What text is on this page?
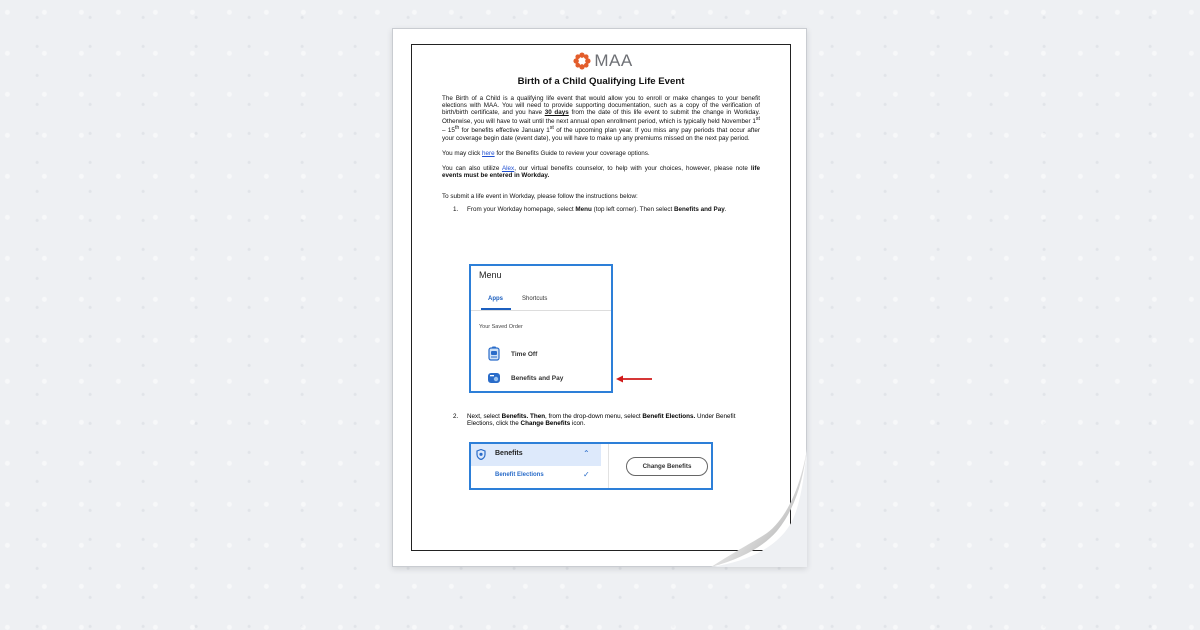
MAA
Birth of a Child Qualifying Life Event

The Birth of a Child is a qualifying life event that would allow you to enroll or make changes to your benefit elections with MAA. You will need to provide supporting documentation, such as a copy of the verification of birth/birth certificate, and you have 30 days from the date of this life event to submit the change in Workday. Otherwise, you will have to wait until the next annual open enrollment period, which is typically held November 1st – 15th for benefits effective January 1st of the upcoming plan year. If you miss any pay periods that occur after your coverage begin date (event date), you will have to make up any premiums missed on the next pay period.

You may click here for the Benefits Guide to review your coverage options.

You can also utilize Alex, our virtual benefits counselor, to help with your choices, however, please note life events must be entered in Workday.

To submit a life event in Workday, please follow the instructions below:
1.	From your Workday homepage, select Menu (top left corner). Then select Benefits and Pay.
Menu
Apps	Shortcuts
Your Saved Order
Time Off
Benefits and Pay
2.	Next, select Benefits. Then, from the drop-down menu, select Benefit Elections. Under Benefit Elections, click the Change Benefits icon.
Benefits	⌃
Benefit Elections	✓
Change Benefits
